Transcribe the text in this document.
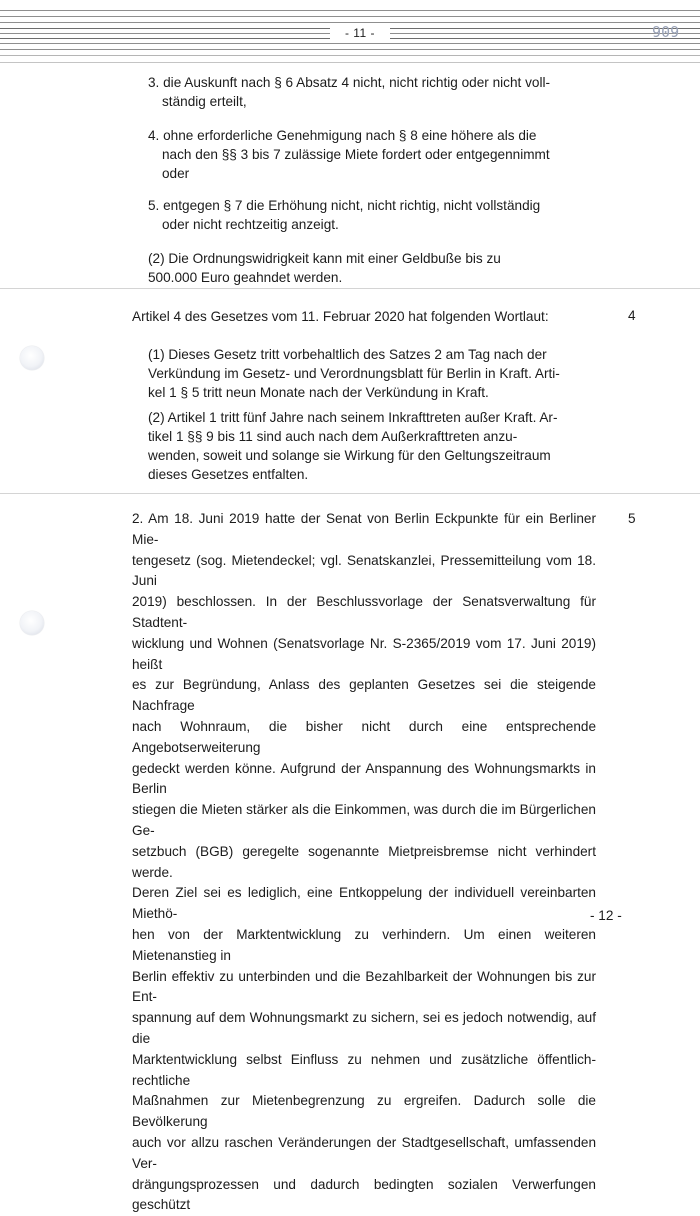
- 11 -	606
3. die Auskunft nach § 6 Absatz 4 nicht, nicht richtig oder nicht voll-
ständig erteilt,
4. ohne erforderliche Genehmigung nach § 8 eine höhere als die
nach den §§ 3 bis 7 zulässige Miete fordert oder entgegennimmt
oder
5. entgegen § 7 die Erhöhung nicht, nicht richtig, nicht vollständig
oder nicht rechtzeitig anzeigt.
(2) Die Ordnungswidrigkeit kann mit einer Geldbuße bis zu
500.000 Euro geahndet werden.
Artikel 4 des Gesetzes vom 11. Februar 2020 hat folgenden Wortlaut:	4
(1) Dieses Gesetz tritt vorbehaltlich des Satzes 2 am Tag nach der
Verkündung im Gesetz- und Verordnungsblatt für Berlin in Kraft. Arti-
kel 1 § 5 tritt neun Monate nach der Verkündung in Kraft.
(2) Artikel 1 tritt fünf Jahre nach seinem Inkrafttreten außer Kraft. Ar-
tikel 1 §§ 9 bis 11 sind auch nach dem Außerkrafttreten anzu-
wenden, soweit und solange sie Wirkung für den Geltungszeitraum
dieses Gesetzes entfalten.
5
2. Am 18. Juni 2019 hatte der Senat von Berlin Eckpunkte für ein Berliner Mie-
tengesetz (sog. Mietendeckel; vgl. Senatskanzlei, Pressemitteilung vom 18. Juni
2019) beschlossen. In der Beschlussvorlage der Senatsverwaltung für Stadtent-
wicklung und Wohnen (Senatsvorlage Nr. S-2365/2019 vom 17. Juni 2019) heißt
es zur Begründung, Anlass des geplanten Gesetzes sei die steigende Nachfrage
nach Wohnraum, die bisher nicht durch eine entsprechende Angebotserweiterung
gedeckt werden könne. Aufgrund der Anspannung des Wohnungsmarkts in Berlin
stiegen die Mieten stärker als die Einkommen, was durch die im Bürgerlichen Ge-
setzbuch (BGB) geregelte sogenannte Mietpreisbremse nicht verhindert werde.
Deren Ziel sei es lediglich, eine Entkoppelung der individuell vereinbarten Miethö-
hen von der Marktentwicklung zu verhindern. Um einen weiteren Mietenanstieg in
Berlin effektiv zu unterbinden und die Bezahlbarkeit der Wohnungen bis zur Ent-
spannung auf dem Wohnungsmarkt zu sichern, sei es jedoch notwendig, auf die
Marktentwicklung selbst Einfluss zu nehmen und zusätzliche öffentlich-rechtliche
Maßnahmen zur Mietenbegrenzung zu ergreifen. Dadurch solle die Bevölkerung
auch vor allzu raschen Veränderungen der Stadtgesellschaft, umfassenden Ver-
drängungsprozessen und dadurch bedingten sozialen Verwerfungen geschützt
- 12 -
